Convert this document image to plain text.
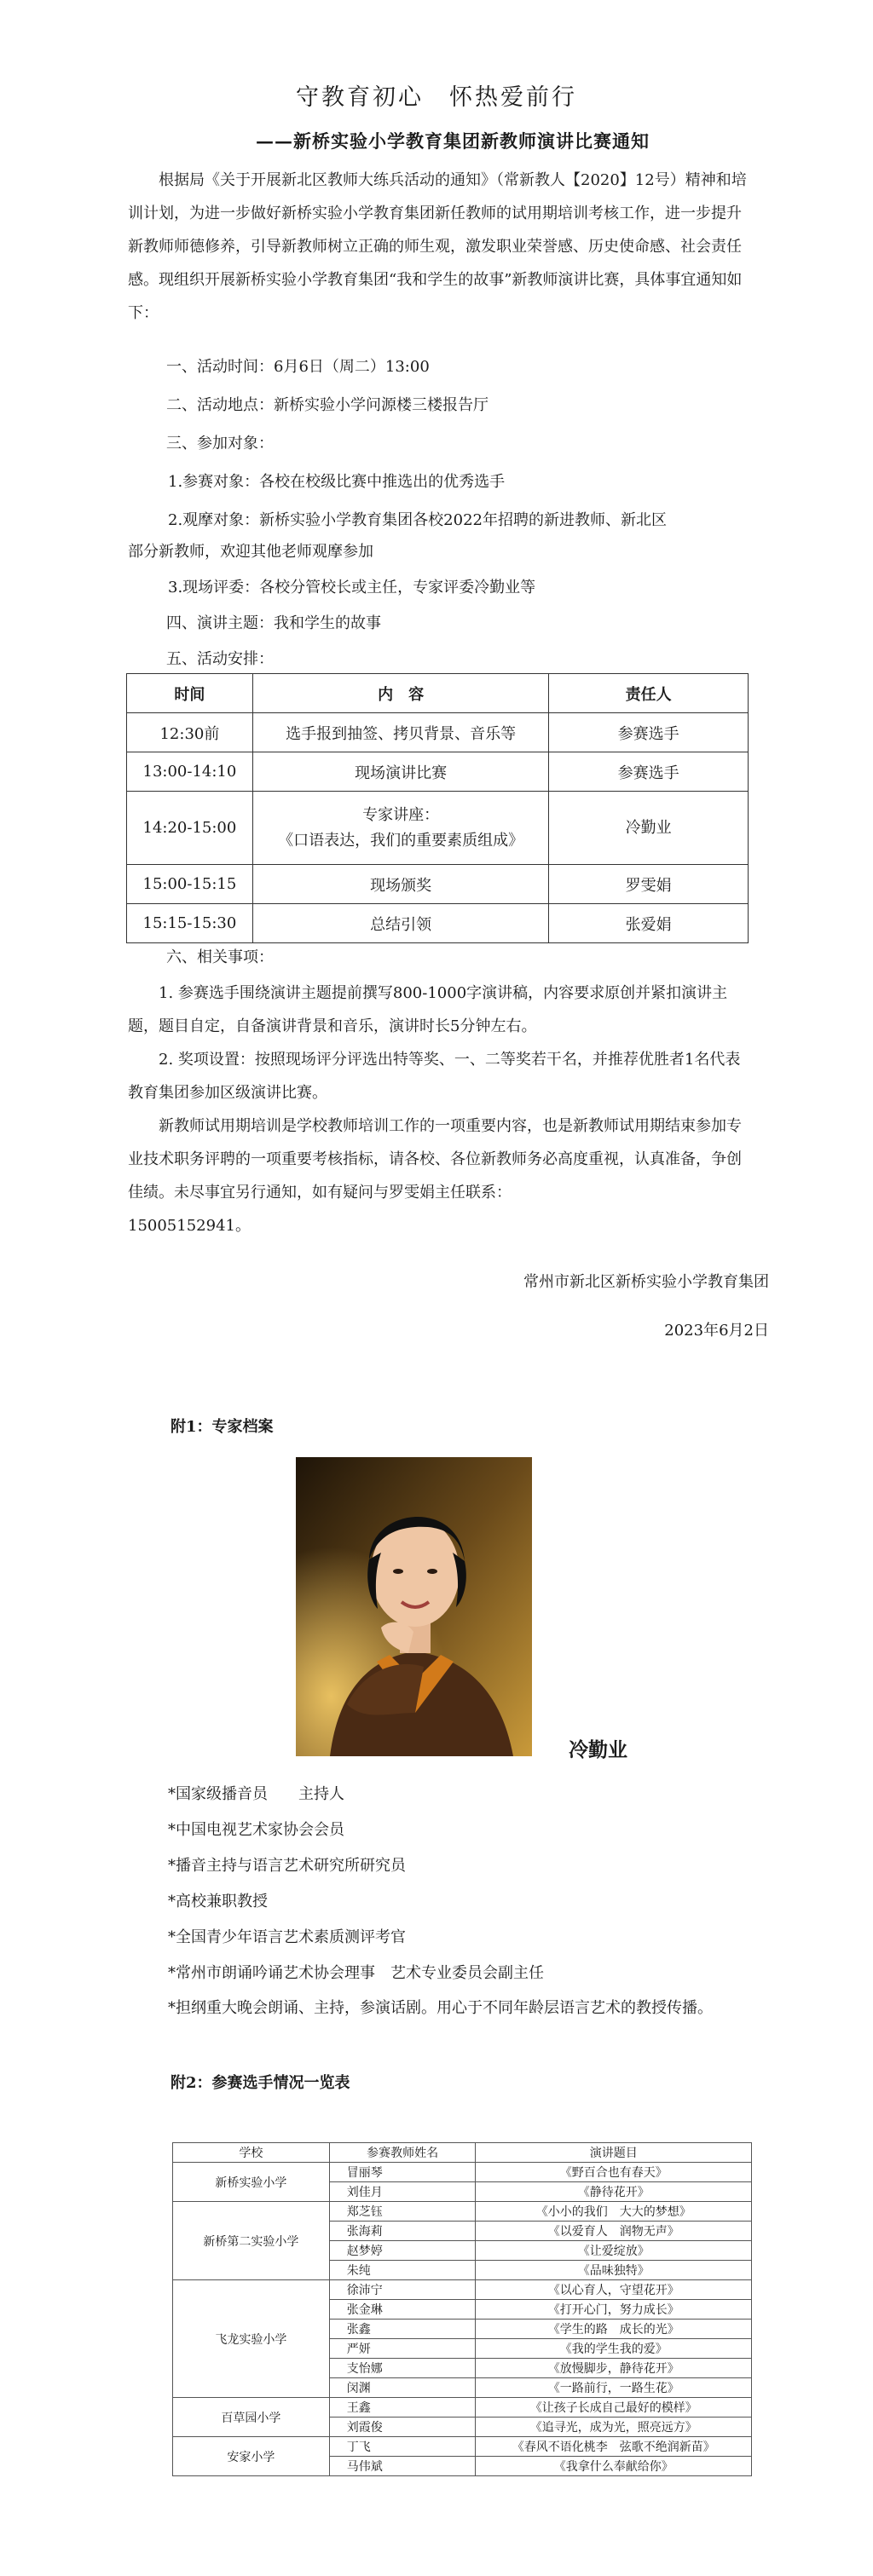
守教育初心　怀热爱前行
——新桥实验小学教育集团新教师演讲比赛通知

根据局《关于开展新北区教师大练兵活动的通知》（常新教人【2020】12号）精神和培训计划，为进一步做好新桥实验小学教育集团新任教师的试用期培训考核工作，进一步提升新教师师德修养，引导新教师树立正确的师生观，激发职业荣誉感、历史使命感、社会责任感。现组织开展新桥实验小学教育集团“我和学生的故事”新教师演讲比赛，具体事宜通知如下：

一、活动时间：6月6日（周二）13:00
二、活动地点：新桥实验小学问源楼三楼报告厅
三、参加对象：
1.参赛对象：各校在校级比赛中推选出的优秀选手
2.观摩对象：新桥实验小学教育集团各校2022年招聘的新进教师、新北区
部分新教师，欢迎其他老师观摩参加
3.现场评委：各校分管校长或主任，专家评委冷勤业等
四、演讲主题：我和学生的故事
五、活动安排：
时间	内　容	责任人
12:30前	选手报到抽签、拷贝背景、音乐等	参赛选手
13:00-14:10	现场演讲比赛	参赛选手
14:20-15:00	专家讲座：
《口语表达，我们的重要素质组成》	冷勤业
15:00-15:15	现场颁奖	罗雯娟
15:15-15:30	总结引领	张爱娟
六、相关事项：

1. 参赛选手围绕演讲主题提前撰写800-1000字演讲稿，内容要求原创并紧扣演讲主题，题目自定，自备演讲背景和音乐，演讲时长5分钟左右。

2. 奖项设置：按照现场评分评选出特等奖、一、二等奖若干名，并推荐优胜者1名代表教育集团参加区级演讲比赛。

新教师试用期培训是学校教师培训工作的一项重要内容，也是新教师试用期结束参加专业技术职务评聘的一项重要考核指标，请各校、各位新教师务必高度重视，认真准备，争创佳绩。未尽事宜另行通知，如有疑问与罗雯娟主任联系：

15005152941。
常州市新北区新桥实验小学教育集团
2023年6月2日
附1：专家档案
冷勤业
*国家级播音员　　主持人
*中国电视艺术家协会会员
*播音主持与语言艺术研究所研究员
*高校兼职教授
*全国青少年语言艺术素质测评考官
*常州市朗诵吟诵艺术协会理事　艺术专业委员会副主任
*担纲重大晚会朗诵、主持，参演话剧。用心于不同年龄层语言艺术的教授传播。
附2：参赛选手情况一览表
学校	参赛教师姓名	演讲题目
新桥实验小学	冒丽琴	《野百合也有春天》
	刘佳月	《静待花开》
新桥第二实验小学	郑芝钰	《小小的我们　大大的梦想》
	张海莉	《以爱育人　润物无声》
	赵梦婷	《让爱绽放》
	朱纯	《品味独特》
飞龙实验小学	徐沛宁	《以心育人，守望花开》
	张金琳	《打开心门，努力成长》
	张鑫	《学生的路　成长的光》
	严妍	《我的学生我的爱》
	支怡娜	《放慢脚步，静待花开》
	闵渊	《一路前行，一路生花》
百草园小学	王鑫	《让孩子长成自己最好的模样》
	刘霞俊	《追寻光，成为光，照亮远方》
安家小学	丁飞	《春风不语化桃李　弦歌不绝润新苗》
	马伟斌	《我拿什么奉献给你》
